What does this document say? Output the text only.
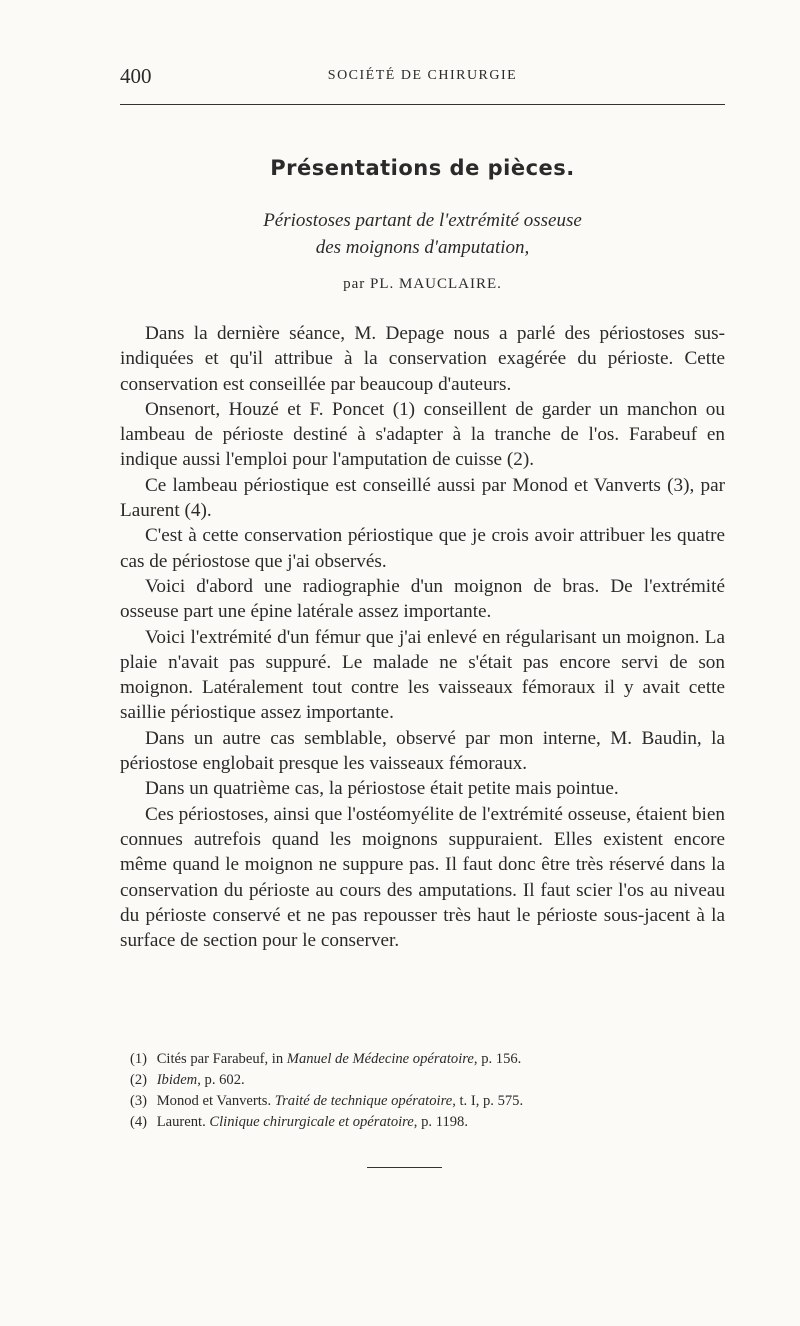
400	SOCIÉTÉ DE CHIRURGIE
Présentations de pièces.
Périostoses partant de l'extrémité osseuse
des moignons d'amputation,
par PL. MAUCLAIRE.

Dans la dernière séance, M. Depage nous a parlé des périostoses sus-indiquées et qu'il attribue à la conservation exagérée du périoste. Cette conservation est conseillée par beaucoup d'auteurs.

Onsenort, Houzé et F. Poncet (1) conseillent de garder un manchon ou lambeau de périoste destiné à s'adapter à la tranche de l'os. Farabeuf en indique aussi l'emploi pour l'amputation de cuisse (2).

Ce lambeau périostique est conseillé aussi par Monod et Vanverts (3), par Laurent (4).

C'est à cette conservation périostique que je crois avoir attribuer les quatre cas de périostose que j'ai observés.

Voici d'abord une radiographie d'un moignon de bras. De l'extrémité osseuse part une épine latérale assez importante.

Voici l'extrémité d'un fémur que j'ai enlevé en régularisant un moignon. La plaie n'avait pas suppuré. Le malade ne s'était pas encore servi de son moignon. Latéralement tout contre les vaisseaux fémoraux il y avait cette saillie périostique assez importante.

Dans un autre cas semblable, observé par mon interne, M. Baudin, la périostose englobait presque les vaisseaux fémoraux.

Dans un quatrième cas, la périostose était petite mais pointue.

Ces périostoses, ainsi que l'ostéomyélite de l'extrémité osseuse, étaient bien connues autrefois quand les moignons suppuraient. Elles existent encore même quand le moignon ne suppure pas. Il faut donc être très réservé dans la conservation du périoste au cours des amputations. Il faut scier l'os au niveau du périoste conservé et ne pas repousser très haut le périoste sous-jacent à la surface de section pour le conserver.

(1) Cités par Farabeuf, in Manuel de Médecine opératoire, p. 156.

(2) Ibidem, p. 602.

(3) Monod et Vanverts. Traité de technique opératoire, t. I, p. 575.

(4) Laurent. Clinique chirurgicale et opératoire, p. 1198.
